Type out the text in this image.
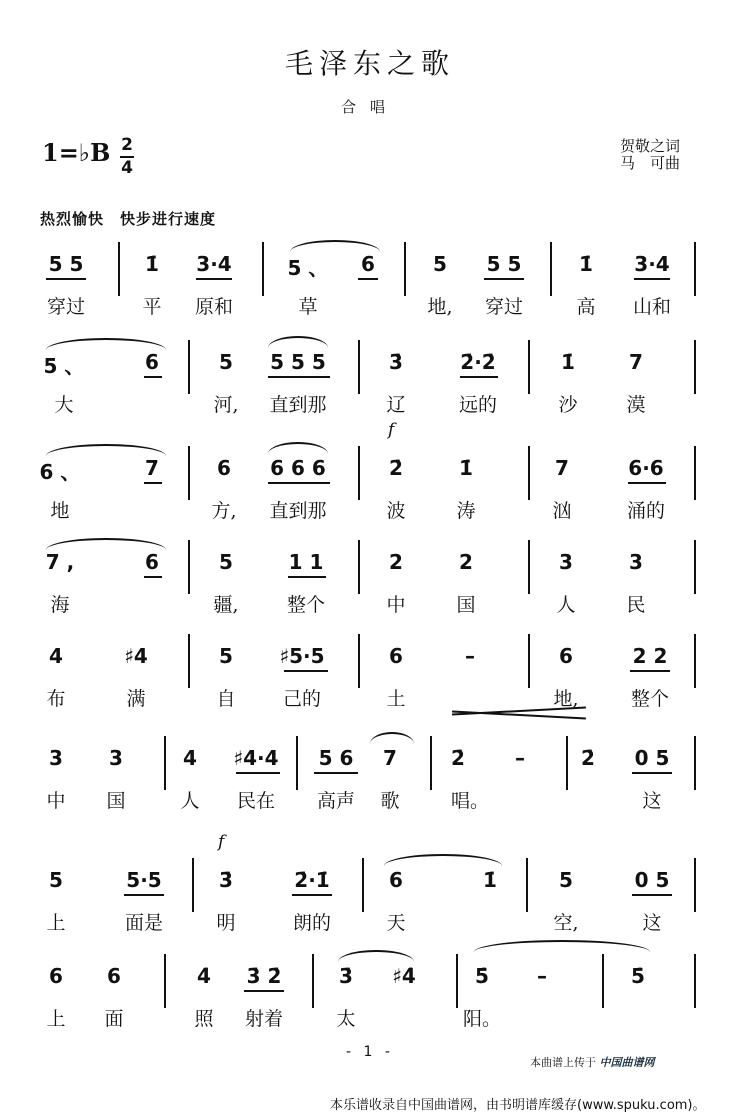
毛泽东之歌
合唱
1=♭B 2
4
贺敬之词
马　可曲
热烈愉快　快步进行速度
5 5	1̇ 3·4	5 、 6	5 5 5	1̇ 3·4
穿过	平 原和	草	地, 穿过	高 山和
5 、	6	5 5 5 5	3̇	2̇·2̇	1̇	7
大	河, 直到那	辽	远的	沙	漠
f
6 、	7	6 6 6 6	2̇	1̇	7	6·6
地	方, 直到那	波	涛	汹	涌的
7 ,	6	5	1 1	2	2	3	3
海	疆,	整个	中	国	人	民
4	♯4	5 ♯5·5	6	–	6	2 2
布	满	自 己的	土	地,	整个
3 3	4 ♯4·4 5 6 7	2̇	–	2̇ 0 5
中 国	人 民在 高声 歌	唱。	这
f
5	5·5	3̇	2̇·1̇	6	1̇	5	0 5
上	面是	明	朗的	天	空,	这
6 6	4̇ 3̇ 2̇	3̇ ♯4̇	5̇ –	5̇
上 面	照 射着	太	阳。
- 1 -
本曲谱上传于 中国曲谱网
本乐谱收录自中国曲谱网，由书明谱库缓存(www.spuku.com)。
